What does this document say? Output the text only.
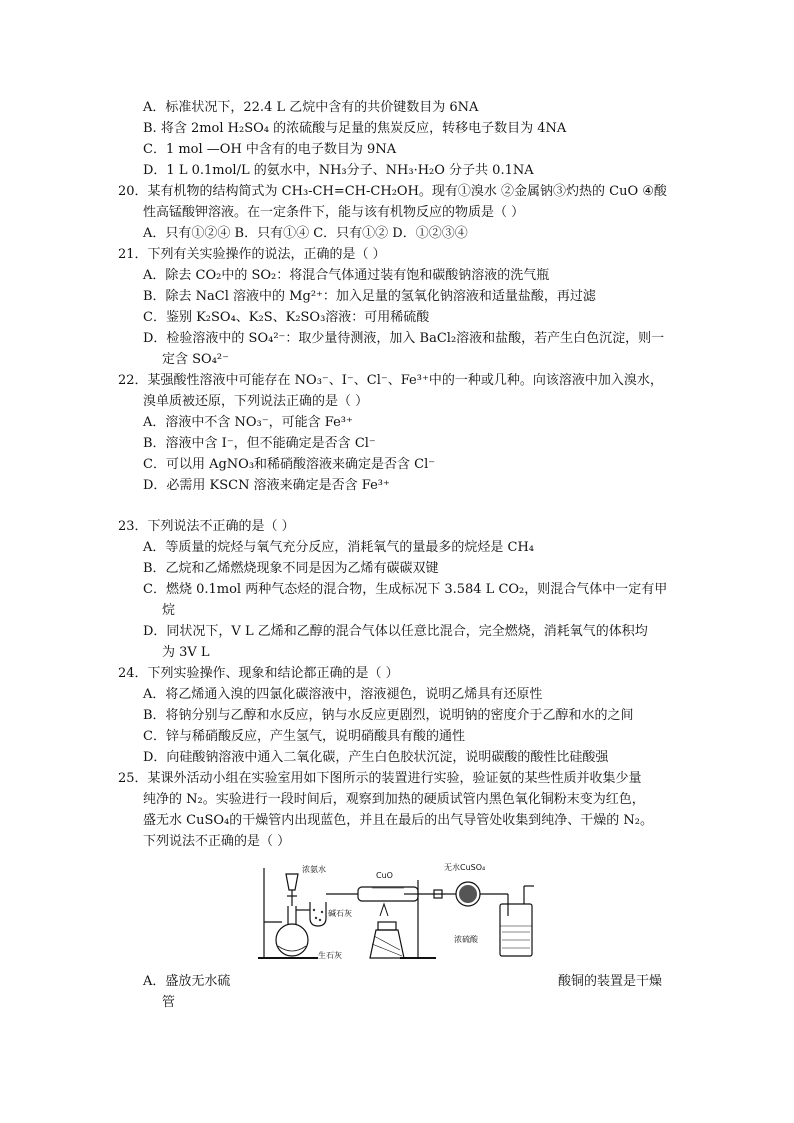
A．标准状况下，22.4 L 乙烷中含有的共价键数目为 6NA
B. 将含 2mol H₂SO₄ 的浓硫酸与足量的焦炭反应，转移电子数目为 4NA
C．1 mol —OH 中含有的电子数目为 9NA
D．1 L 0.1mol/L 的氨水中，NH₃分子、NH₃·H₂O 分子共 0.1NA
20．某有机物的结构简式为 CH₃-CH=CH-CH₂OH。现有①溴水 ②金属钠③灼热的 CuO ④酸
性高锰酸钾溶液。在一定条件下，能与该有机物反应的物质是（ ）
A．只有①②④ B．只有①④ C．只有①② D．①②③④
21．下列有关实验操作的说法，正确的是（ ）
A．除去 CO₂中的 SO₂：将混合气体通过装有饱和碳酸钠溶液的洗气瓶
B．除去 NaCl 溶液中的 Mg²⁺：加入足量的氢氧化钠溶液和适量盐酸，再过滤
C．鉴别 K₂SO₄、K₂S、K₂SO₃溶液：可用稀硫酸
D．检验溶液中的 SO₄²⁻：取少量待测液，加入 BaCl₂溶液和盐酸，若产生白色沉淀，则一
定含 SO₄²⁻
22．某强酸性溶液中可能存在 NO₃⁻、I⁻、Cl⁻、Fe³⁺中的一种或几种。向该溶液中加入溴水，
溴单质被还原，下列说法正确的是（ ）
A．溶液中不含 NO₃⁻，可能含 Fe³⁺
B．溶液中含 I⁻，但不能确定是否含 Cl⁻
C．可以用 AgNO₃和稀硝酸溶液来确定是否含 Cl⁻
D．必需用 KSCN 溶液来确定是否含 Fe³⁺
23．下列说法不正确的是（ ）
A．等质量的烷烃与氧气充分反应，消耗氧气的量最多的烷烃是 CH₄
B．乙烷和乙烯燃烧现象不同是因为乙烯有碳碳双键
C．燃烧 0.1mol 两种气态烃的混合物，生成标况下 3.584 L CO₂，则混合气体中一定有甲
烷
D．同状况下，V L 乙烯和乙醇的混合气体以任意比混合，完全燃烧，消耗氧气的体积均
为 3V L
24．下列实验操作、现象和结论都正确的是（ ）
A．将乙烯通入溴的四氯化碳溶液中，溶液褪色，说明乙烯具有还原性
B．将钠分别与乙醇和水反应，钠与水反应更剧烈，说明钠的密度介于乙醇和水的之间
C．锌与稀硝酸反应，产生氢气，说明硝酸具有酸的通性
D．向硅酸钠溶液中通入二氧化碳，产生白色胶状沉淀，说明碳酸的酸性比硅酸强
25．某课外活动小组在实验室用如下图所示的装置进行实验，验证氨的某些性质并收集少量
纯净的 N₂。实验进行一段时间后，观察到加热的硬质试管内黑色氧化铜粉末变为红色，
盛无水 CuSO₄的干燥管内出现蓝色，并且在最后的出气导管处收集到纯净、干燥的 N₂。
下列说法不正确的是（ ）
浓氨水
碱石灰
CuO
无水CuSO₄
生石灰
浓硫酸
A．盛放无水硫	酸铜的装置是干燥
管
